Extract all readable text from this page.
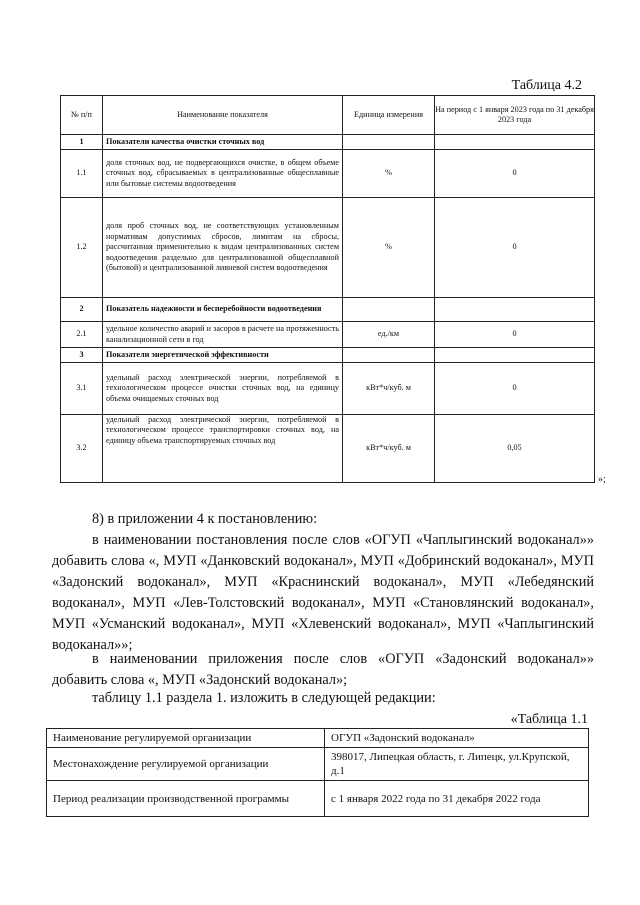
Таблица 4.2
№ п/п	Наименование показателя	Единица измерения	На период с 1 января 2023 года по 31 декабря 2023 года
1	Показатели качества очистки сточных вод		
1.1	доля сточных вод, не подвергающихся очистке, в общем объеме сточных вод, сбрасываемых в централизованные общесплавные или бытовые системы водоотведения	%	0
1.2	доля проб сточных вод, не соответствующих установленным нормативам допустимых сбросов, лимитам на сбросы, рассчитанная применительно к видам централизованных систем водоотведения раздельно для централизованной общесплавной (бытовой) и централизованной ливневой систем водоотведения	%	0
2	Показатель надежности и бесперебойности водоотведения		
2.1	удельное количество аварий и засоров в расчете на протяженность канализационной сети в год	ед./км	0
3	Показатели энергетической эффективности		
3.1	удельный расход электрической энергии, потребляемой в технологическом процессе очистки сточных вод, на единицу объема очищаемых сточных вод	кВт*ч/куб. м	0
3.2	удельный расход электрической энергии, потребляемой в технологическом процессе транспортировки сточных вод, на единицу объема транспортируемых сточных вод	кВт*ч/куб. м	0,05
»;
8) в приложении 4 к постановлению:
в наименовании постановления после слов «ОГУП «Чаплыгинский водоканал»» добавить слова «, МУП «Данковский водоканал», МУП «Добринский водоканал», МУП «Задонский водоканал», МУП «Краснинский водоканал», МУП «Лебедянский водоканал», МУП «Лев-Толстовский водоканал», МУП «Становлянский водоканал», МУП «Усманский водоканал», МУП «Хлевенский водоканал», МУП «Чаплыгинский водоканал»»;
в наименовании приложения после слов «ОГУП «Задонский водоканал»» добавить слова «, МУП «Задонский водоканал»;
таблицу 1.1 раздела 1. изложить в следующей редакции:
«Таблица 1.1
Наименование регулируемой организации	ОГУП «Задонский водоканал»
Местонахождение регулируемой организации	398017, Липецкая область, г. Липецк, ул.Крупской, д.1
Период реализации производственной программы	с 1 января 2022 года по 31 декабря 2022 года
